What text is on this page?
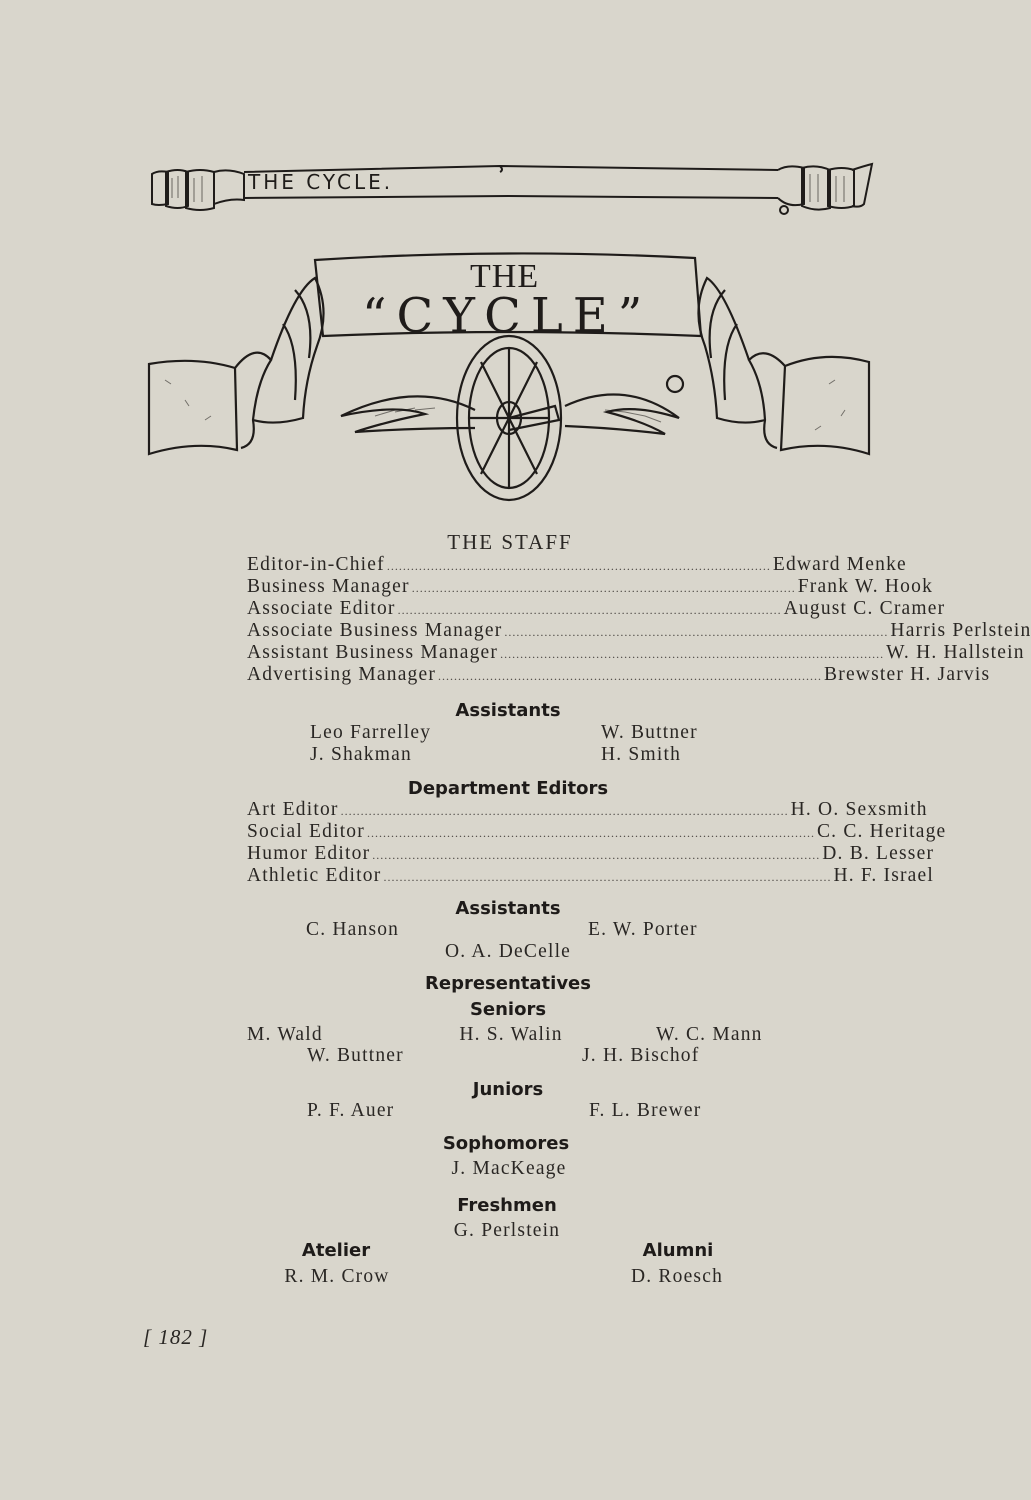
THE CYCLE.
THE
“CYCLE”
THE STAFF
Editor-in-Chief ................................................................................................ Edward Menke
Business Manager ................................................................................................ Frank W. Hook
Associate Editor ................................................................................................ August C. Cramer
Associate Business Manager ................................................................................................ Harris Perlstein
Assistant Business Manager ................................................................................................ W. H. Hallstein
Advertising Manager ................................................................................................ Brewster H. Jarvis
Assistants
Leo Farrelley	W. Buttner
J. Shakman	H. Smith
Department Editors
Art Editor ................................................................................................................ H. O. Sexsmith
Social Editor ................................................................................................................ C. C. Heritage
Humor Editor ................................................................................................................ D. B. Lesser
Athletic Editor ................................................................................................................ H. F. Israel
Assistants
C. Hanson	E. W. Porter
O. A. DeCelle
Representatives
Seniors
M. Wald	H. S. Walin	W. C. Mann
W. Buttner	J. H. Bischof
Juniors
P. F. Auer	F. L. Brewer
Sophomores
J. MacKeage
Freshmen
G. Perlstein
Atelier
R. M. Crow
Alumni
D. Roesch
[ 182 ]
